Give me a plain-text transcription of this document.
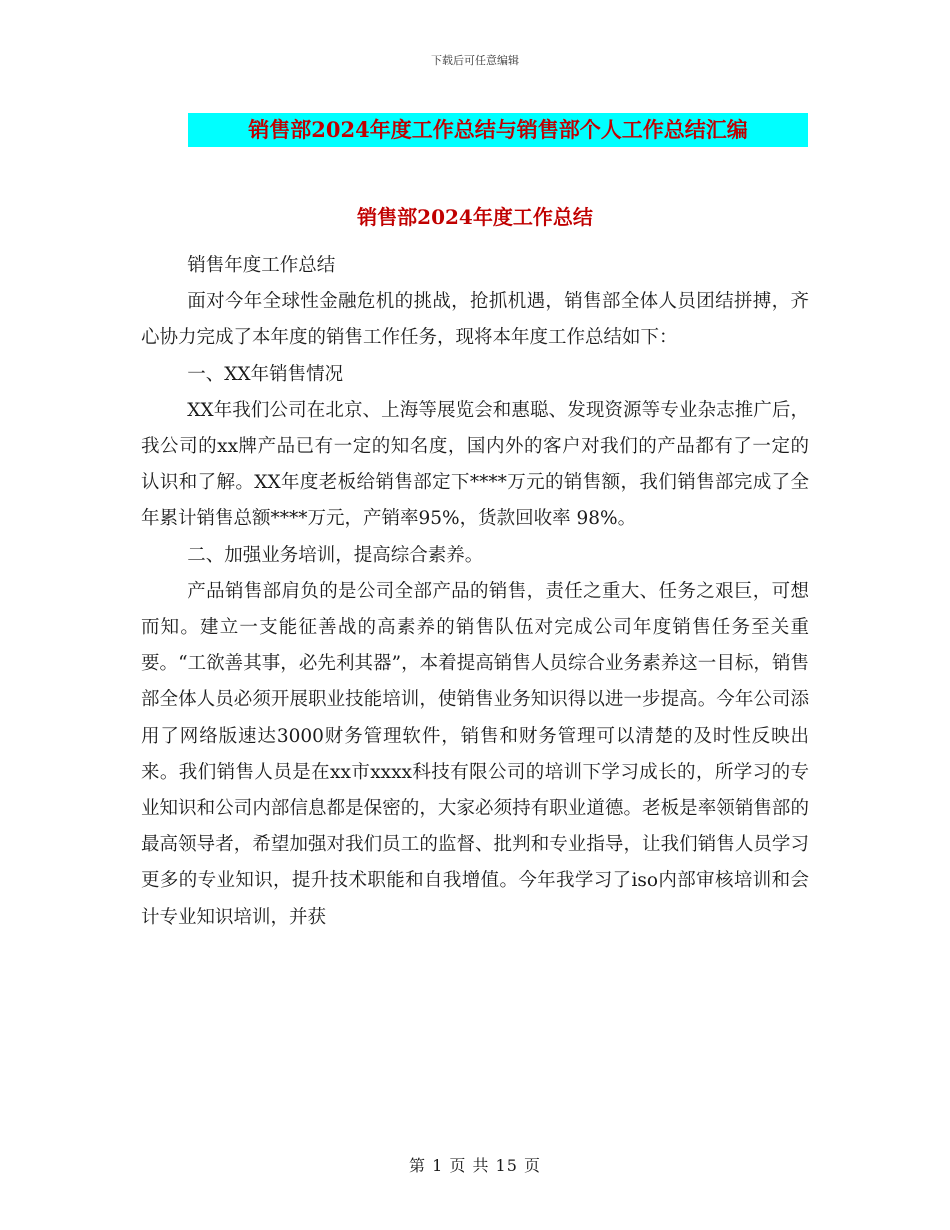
下载后可任意编辑
销售部2024年度工作总结与销售部个人工作总结汇编
销售部2024年度工作总结

销售年度工作总结

面对今年全球性金融危机的挑战，抢抓机遇，销售部全体人员团结拼搏，齐心协力完成了本年度的销售工作任务，现将本年度工作总结如下：

一、XX年销售情况

XX年我们公司在北京、上海等展览会和惠聪、发现资源等专业杂志推广后，我公司的xx牌产品已有一定的知名度，国内外的客户对我们的产品都有了一定的认识和了解。XX年度老板给销售部定下****万元的销售额，我们销售部完成了全年累计销售总额****万元，产销率95%，货款回收率 98%。

二、加强业务培训，提高综合素养。

产品销售部肩负的是公司全部产品的销售，责任之重大、任务之艰巨，可想而知。建立一支能征善战的高素养的销售队伍对完成公司年度销售任务至关重要。“工欲善其事，必先利其器”，本着提高销售人员综合业务素养这一目标，销售部全体人员必须开展职业技能培训，使销售业务知识得以进一步提高。今年公司添用了网络版速达3000财务管理软件，销售和财务管理可以清楚的及时性反映出来。我们销售人员是在xx市xxxx科技有限公司的培训下学习成长的，所学习的专业知识和公司内部信息都是保密的，大家必须持有职业道德。老板是率领销售部的最高领导者，希望加强对我们员工的监督、批判和专业指导，让我们销售人员学习更多的专业知识，提升技术职能和自我增值。今年我学习了iso内部审核培训和会计专业知识培训，并获

第 1 页 共 15 页
